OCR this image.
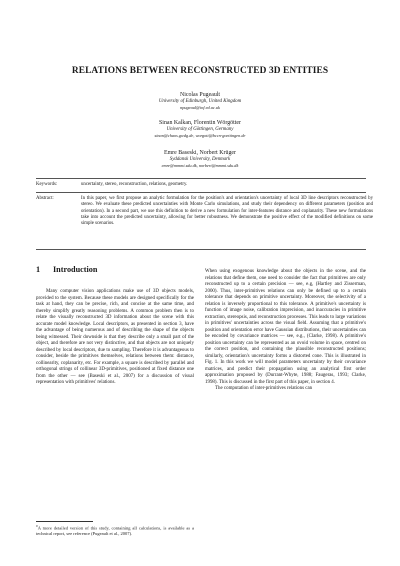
RELATIONS BETWEEN RECONSTRUCTED 3D ENTITIES
Nicolas Pugeault
University of Edinburgh, United Kingdom
npugeaul@inf.ed.ac.uk
Sinan Kalkan, Florentin Wörgötter
University of Göttingen, Germany
sinan@chaos.gwdg.de, worgott@bccn-goettingen.de
Emre Baseski, Norbert Krüger
Syddansk University, Denmark
emre@mmmi.sdu.dk, norbert@mmmi.sdu.dk
Keywords:	uncertainty, stereo, reconstruction, relations, geometry.
Abstract:	In this paper, we first propose an analytic formulation for the position's and orientation's uncertainty of local 3D line descriptors reconstructed by stereo. We evaluate these predicted uncertainties with Monte Carlo simulations, and study their dependency on different parameters (position and orientation). In a second part, we use this definition to derive a new formulation for inter-features distance and coplanarity. These new formulations take into account the predicted uncertainty, allowing for better robustness. We demonstrate the positive effect of the modified definitions on some simple scenarios.
1 Introduction

Many computer vision applications make use of 3D objects models, provided to the system. Because these models are designed specifically for the task at hand, they can be precise, rich, and concise at the same time, and thereby simplify greatly reasoning problems. A common problem then is to relate the visually reconstructed 3D information about the scene with this accurate model knowledge. Local descriptors, as presented in section 3, have the advantage of being numerous and of describing the shape of the objects being witnessed. Their downside is that they describe only a small part of the object, and therefore are not very distinctive, and that objects are not uniquely described by local descriptors, due to sampling. Therefore it is advantageous to consider, beside the primitives themselves, relations between them: distance, collinearity, coplanarity, etc. For example, a square is described by parallel and orthogonal strings of collinear 3D-primitives, positioned at fixed distance one from the other — see (Baseski et al., 2007) for a discussion of visual representation with primitives' relations.

When using exogenous knowledge about the objects in the scene, and the relations that define them, one need to consider the fact that primitives are only reconstructed up to a certain precision — see, e.g, (Hartley and Zisserman, 2000). Thus, inter-primitives relations can only be defined up to a certain tolerance that depends on primitive uncertainty. Moreover, the selectivity of a relation is inversely proportional to this tolerance. A primitive's uncertainty is function of image noise, calibration imprecision, and inaccuracies in primitive extraction, stereopsis, and reconstruction processes. This leads to large variations in primitives' uncertainties across the visual field. Assuming that a primitive's position and orientation error have Gaussian distributions, their uncertainties can be encoded by covariance matrices — see, e.g., (Clarke, 1998). A primitive's position uncertainty can be represented as an ovoid volume in space, centred on the correct position, and containing the plausible reconstructed positions; similarly, orientation's uncertainty forms a distorted cone. This is illustrated in Fig. 1. In this work we will model parameters uncertainty by their covariance matrices, and predict their propagation using an analytical first order approximation proposed by (Durrant-Whyte, 1988; Faugeras, 1993; Clarke, 1998). This is discussed in the first part of this paper, in section 4.

The computation of inter-primitives relations can

$^0$A more detailed version of this study, containing all calculations, is available as a technical report, see reference (Pugeault et al., 2007).
